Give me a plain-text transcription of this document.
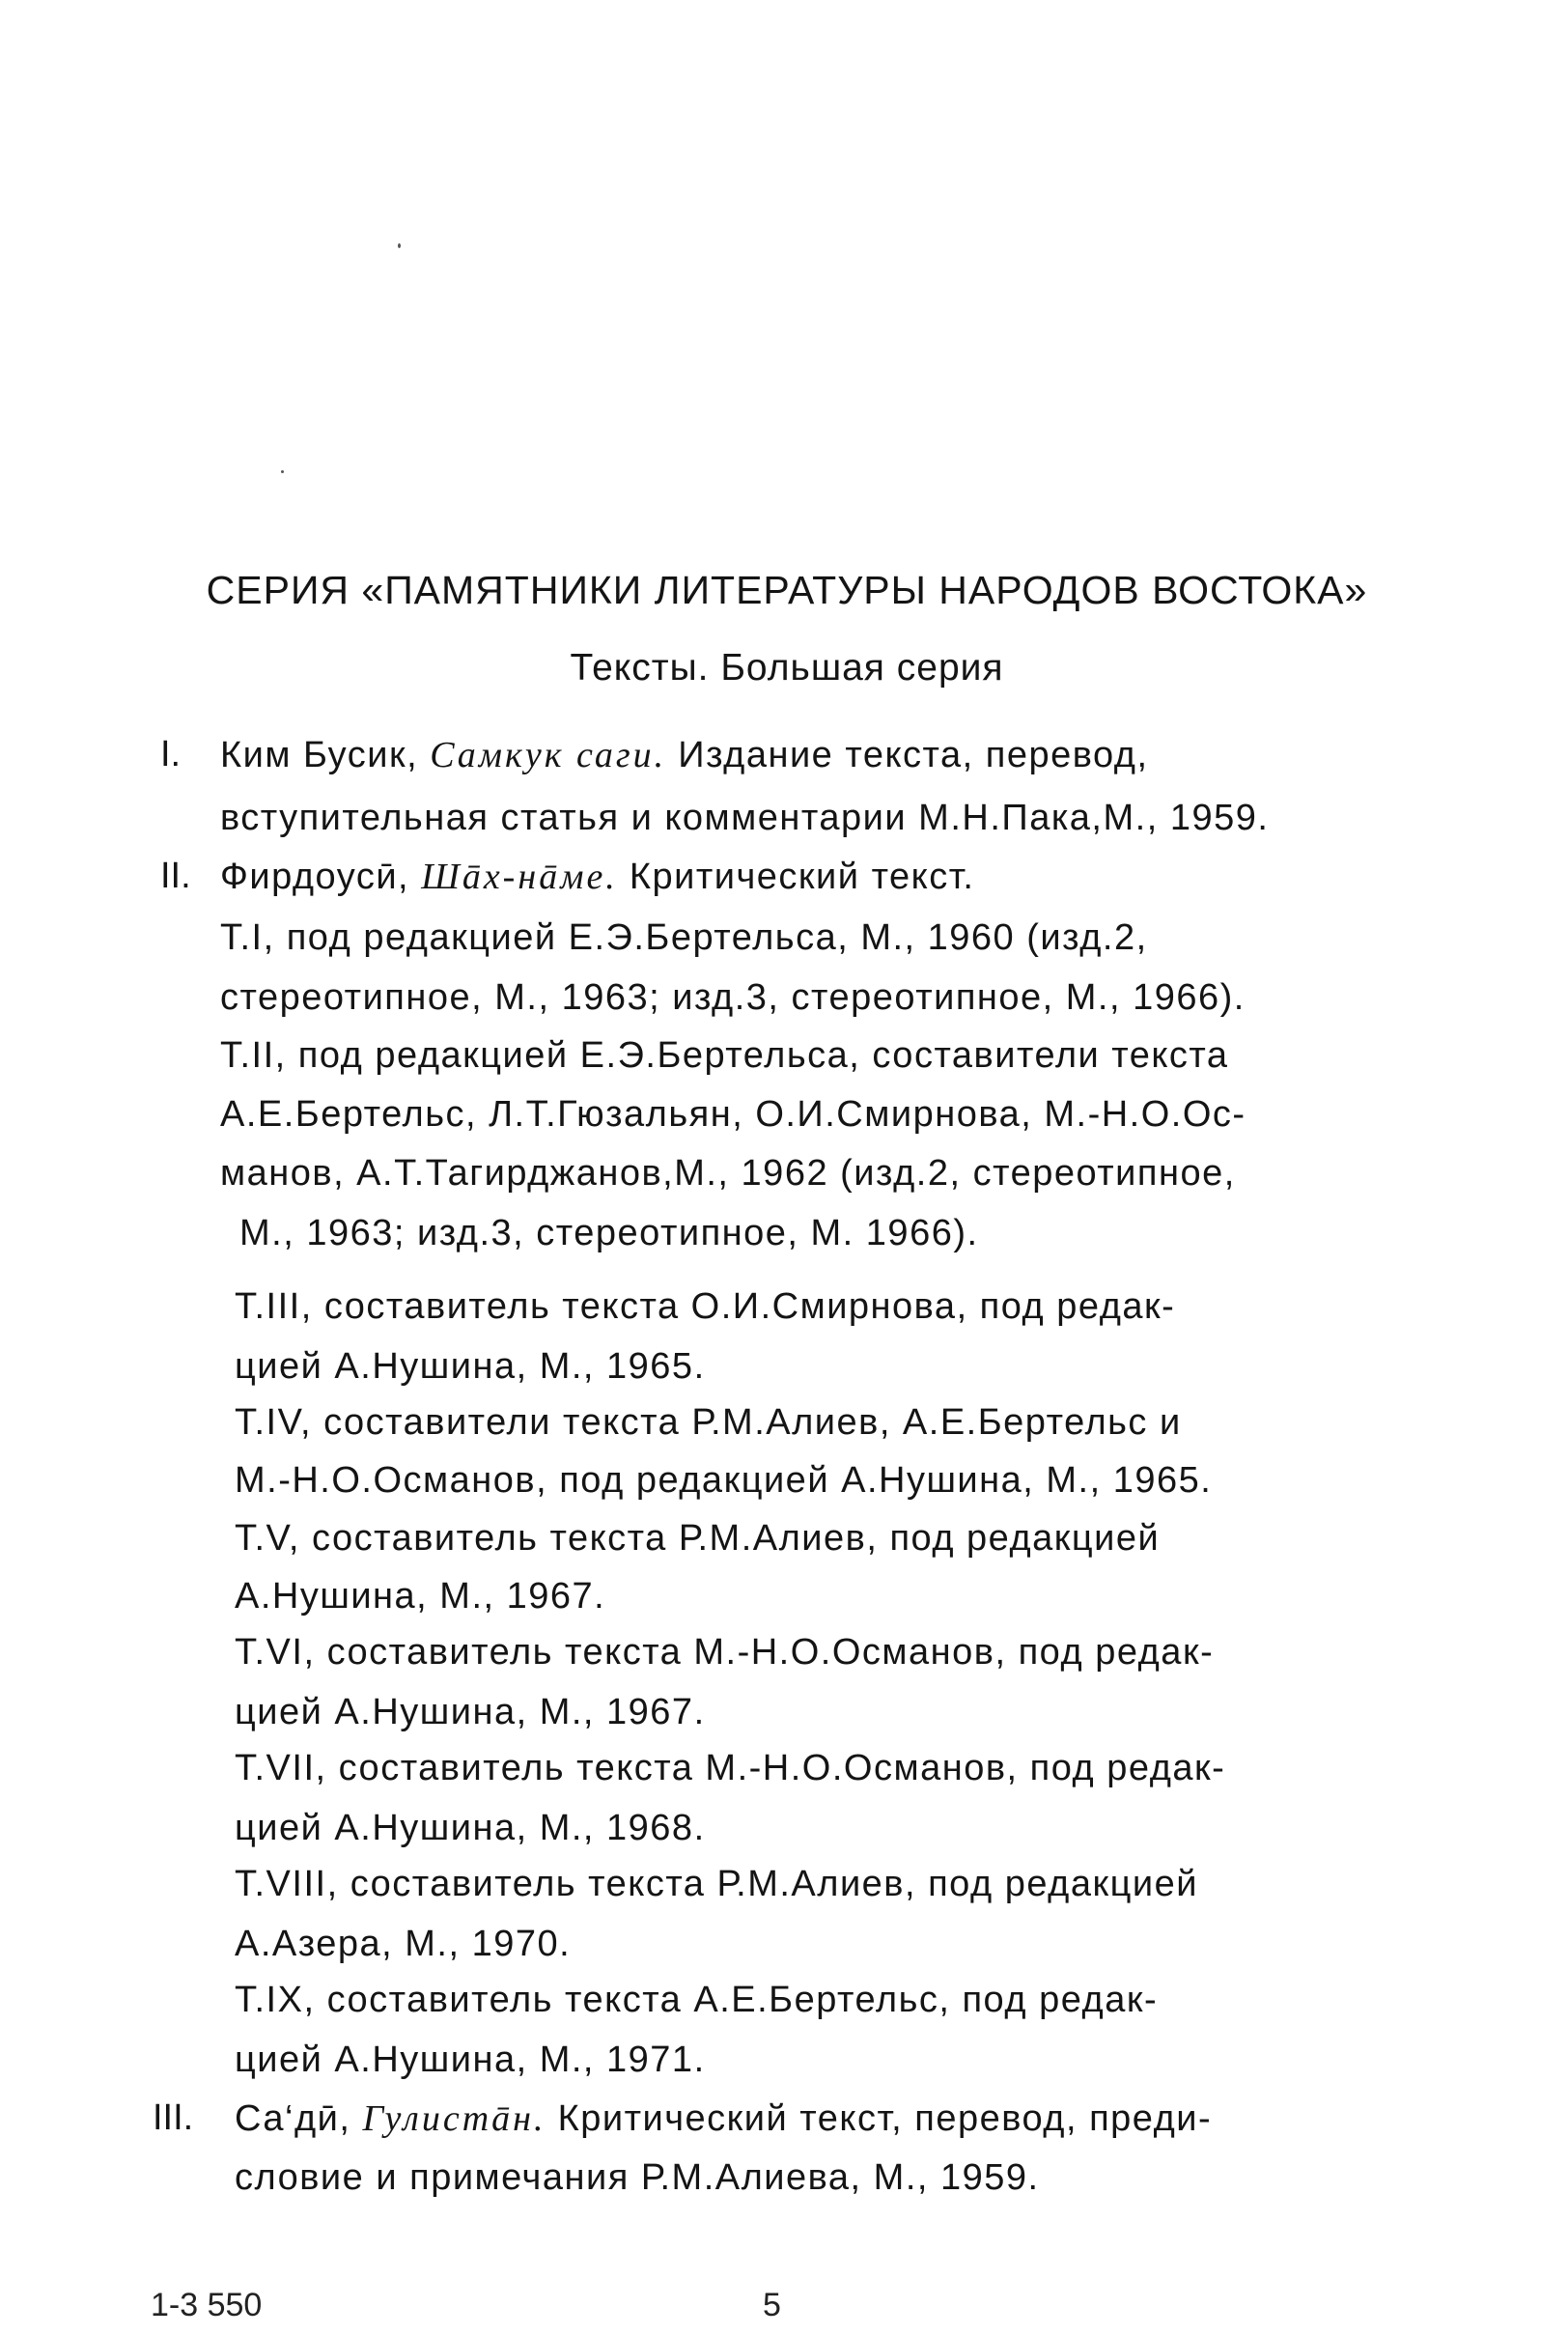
СЕРИЯ «ПАМЯТНИКИ ЛИТЕРАТУРЫ НАРОДОВ ВОСТОКА»
Тексты. Большая серия
I. Ким Бусик, Самкук саги. Издание текста, перевод,
вступительная статья и комментарии М.Н.Пака,М., 1959.
II. Фирдоусӣ, Шāх-нāме. Критический текст.
Т.I, под редакцией Е.Э.Бертельса, М., 1960 (изд.2,
стереотипное, М., 1963; изд.3, стереотипное, М., 1966).
Т.II, под редакцией Е.Э.Бертельса, составители текста
А.Е.Бертельс, Л.Т.Гюзальян, О.И.Смирнова, М.-Н.О.Ос-
манов, А.Т.Тагирджанов,М., 1962 (изд.2, стереотипное,
М., 1963; изд.3, стереотипное, М. 1966).
Т.III, составитель текста О.И.Смирнова, под редак-
цией А.Нушина, М., 1965.
Т.IV, составители текста Р.М.Алиев, А.Е.Бертельс и
М.-Н.О.Османов, под редакцией А.Нушина, М., 1965.
Т.V, составитель текста Р.М.Алиев, под редакцией
А.Нушина, М., 1967.
Т.VI, составитель текста М.-Н.О.Османов, под редак-
цией А.Нушина, М., 1967.
Т.VII, составитель текста М.-Н.О.Османов, под редак-
цией А.Нушина, М., 1968.
Т.VIII, составитель текста Р.М.Алиев, под редакцией
А.Азера, М., 1970.
Т.IX, составитель текста А.Е.Бертельс, под редак-
цией А.Нушина, М., 1971.
III. Са‘дӣ, Гулистāн. Критический текст, перевод, преди-
словие и примечания Р.М.Алиева, М., 1959.
1-3 550	5
